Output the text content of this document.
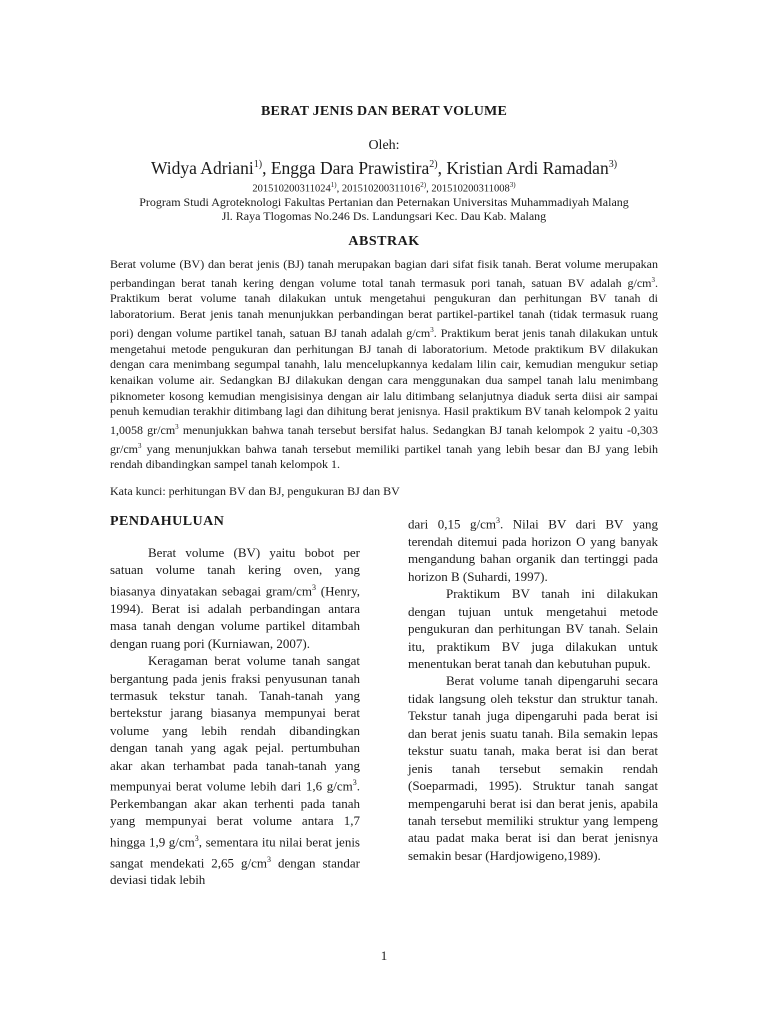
BERAT JENIS DAN BERAT VOLUME
Oleh:
Widya Adriani$^{1)}$, Engga Dara Prawistira$^{2)}$, Kristian Ardi Ramadan$^{3)}$
201510200311024$^{1)}$, 201510200311016$^{2)}$, 201510200311008$^{3)}$
Program Studi Agroteknologi Fakultas Pertanian dan Peternakan Universitas Muhammadiyah Malang
Jl. Raya Tlogomas No.246 Ds. Landungsari Kec. Dau Kab. Malang
ABSTRAK

Berat volume (BV) dan berat jenis (BJ) tanah merupakan bagian dari sifat fisik tanah. Berat volume merupakan perbandingan berat tanah kering dengan volume total tanah termasuk pori tanah, satuan BV adalah $g/cm^3$. Praktikum berat volume tanah dilakukan untuk mengetahui pengukuran dan perhitungan BV tanah di laboratorium. Berat jenis tanah menunjukkan perbandingan berat partikel-partikel tanah (tidak termasuk ruang pori) dengan volume partikel tanah, satuan BJ tanah adalah $g/cm^3$. Praktikum berat jenis tanah dilakukan untuk mengetahui metode pengukuran dan perhitungan BJ tanah di laboratorium. Metode praktikum BV dilakukan dengan cara menimbang segumpal tanahh, lalu mencelupkannya kedalam lilin cair, kemudian mengukur setiap kenaikan volume air. Sedangkan BJ dilakukan dengan cara menggunakan dua sampel tanah lalu menimbang piknometer kosong kemudian mengisisinya dengan air lalu ditimbang selanjutnya diaduk serta diisi air sampai penuh kemudian terakhir ditimbang lagi dan dihitung berat jenisnya. Hasil praktikum BV tanah kelompok 2 yaitu 1,0058 $gr/cm^3$ menunjukkan bahwa tanah tersebut bersifat halus. Sedangkan BJ tanah kelompok 2 yaitu -0,303 $gr/cm^3$ yang menunjukkan bahwa tanah tersebut memiliki partikel tanah yang lebih besar dan BJ yang lebih rendah dibandingkan sampel tanah kelompok 1.

Kata kunci: perhitungan BV dan BJ, pengukuran BJ dan BV

PENDAHULUAN

Berat volume (BV) yaitu bobot per satuan volume tanah kering oven, yang biasanya dinyatakan sebagai gram/$cm^3$ (Henry, 1994). Berat isi adalah perbandingan antara masa tanah dengan volume partikel ditambah dengan ruang pori (Kurniawan, 2007).

Keragaman berat volume tanah sangat bergantung pada jenis fraksi penyusunan tanah termasuk tekstur tanah. Tanah-tanah yang bertekstur jarang biasanya mempunyai berat volume yang lebih rendah dibandingkan dengan tanah yang agak pejal. pertumbuhan akar akan terhambat pada tanah-tanah yang mempunyai berat volume lebih dari 1,6 $g/cm^3$. Perkembangan akar akan terhenti pada tanah yang mempunyai berat volume antara 1,7 hingga 1,9 $g/cm^3$, sementara itu nilai berat jenis sangat mendekati 2,65 $g/cm^3$ dengan standar deviasi tidak lebih

dari 0,15 $g/cm^3$. Nilai BV dari BV yang terendah ditemui pada horizon O yang banyak mengandung bahan organik dan tertinggi pada horizon B (Suhardi, 1997).

Praktikum BV tanah ini dilakukan dengan tujuan untuk mengetahui metode pengukuran dan perhitungan BV tanah. Selain itu, praktikum BV juga dilakukan untuk menentukan berat tanah dan kebutuhan pupuk.

Berat volume tanah dipengaruhi secara tidak langsung oleh tekstur dan struktur tanah. Tekstur tanah juga dipengaruhi pada berat isi dan berat jenis suatu tanah. Bila semakin lepas tekstur suatu tanah, maka berat isi dan berat jenis tanah tersebut semakin rendah (Soeparmadi, 1995). Struktur tanah sangat mempengaruhi berat isi dan berat jenis, apabila tanah tersebut memiliki struktur yang lempeng atau padat maka berat isi dan berat jenisnya semakin besar (Hardjowigeno,1989).

1
